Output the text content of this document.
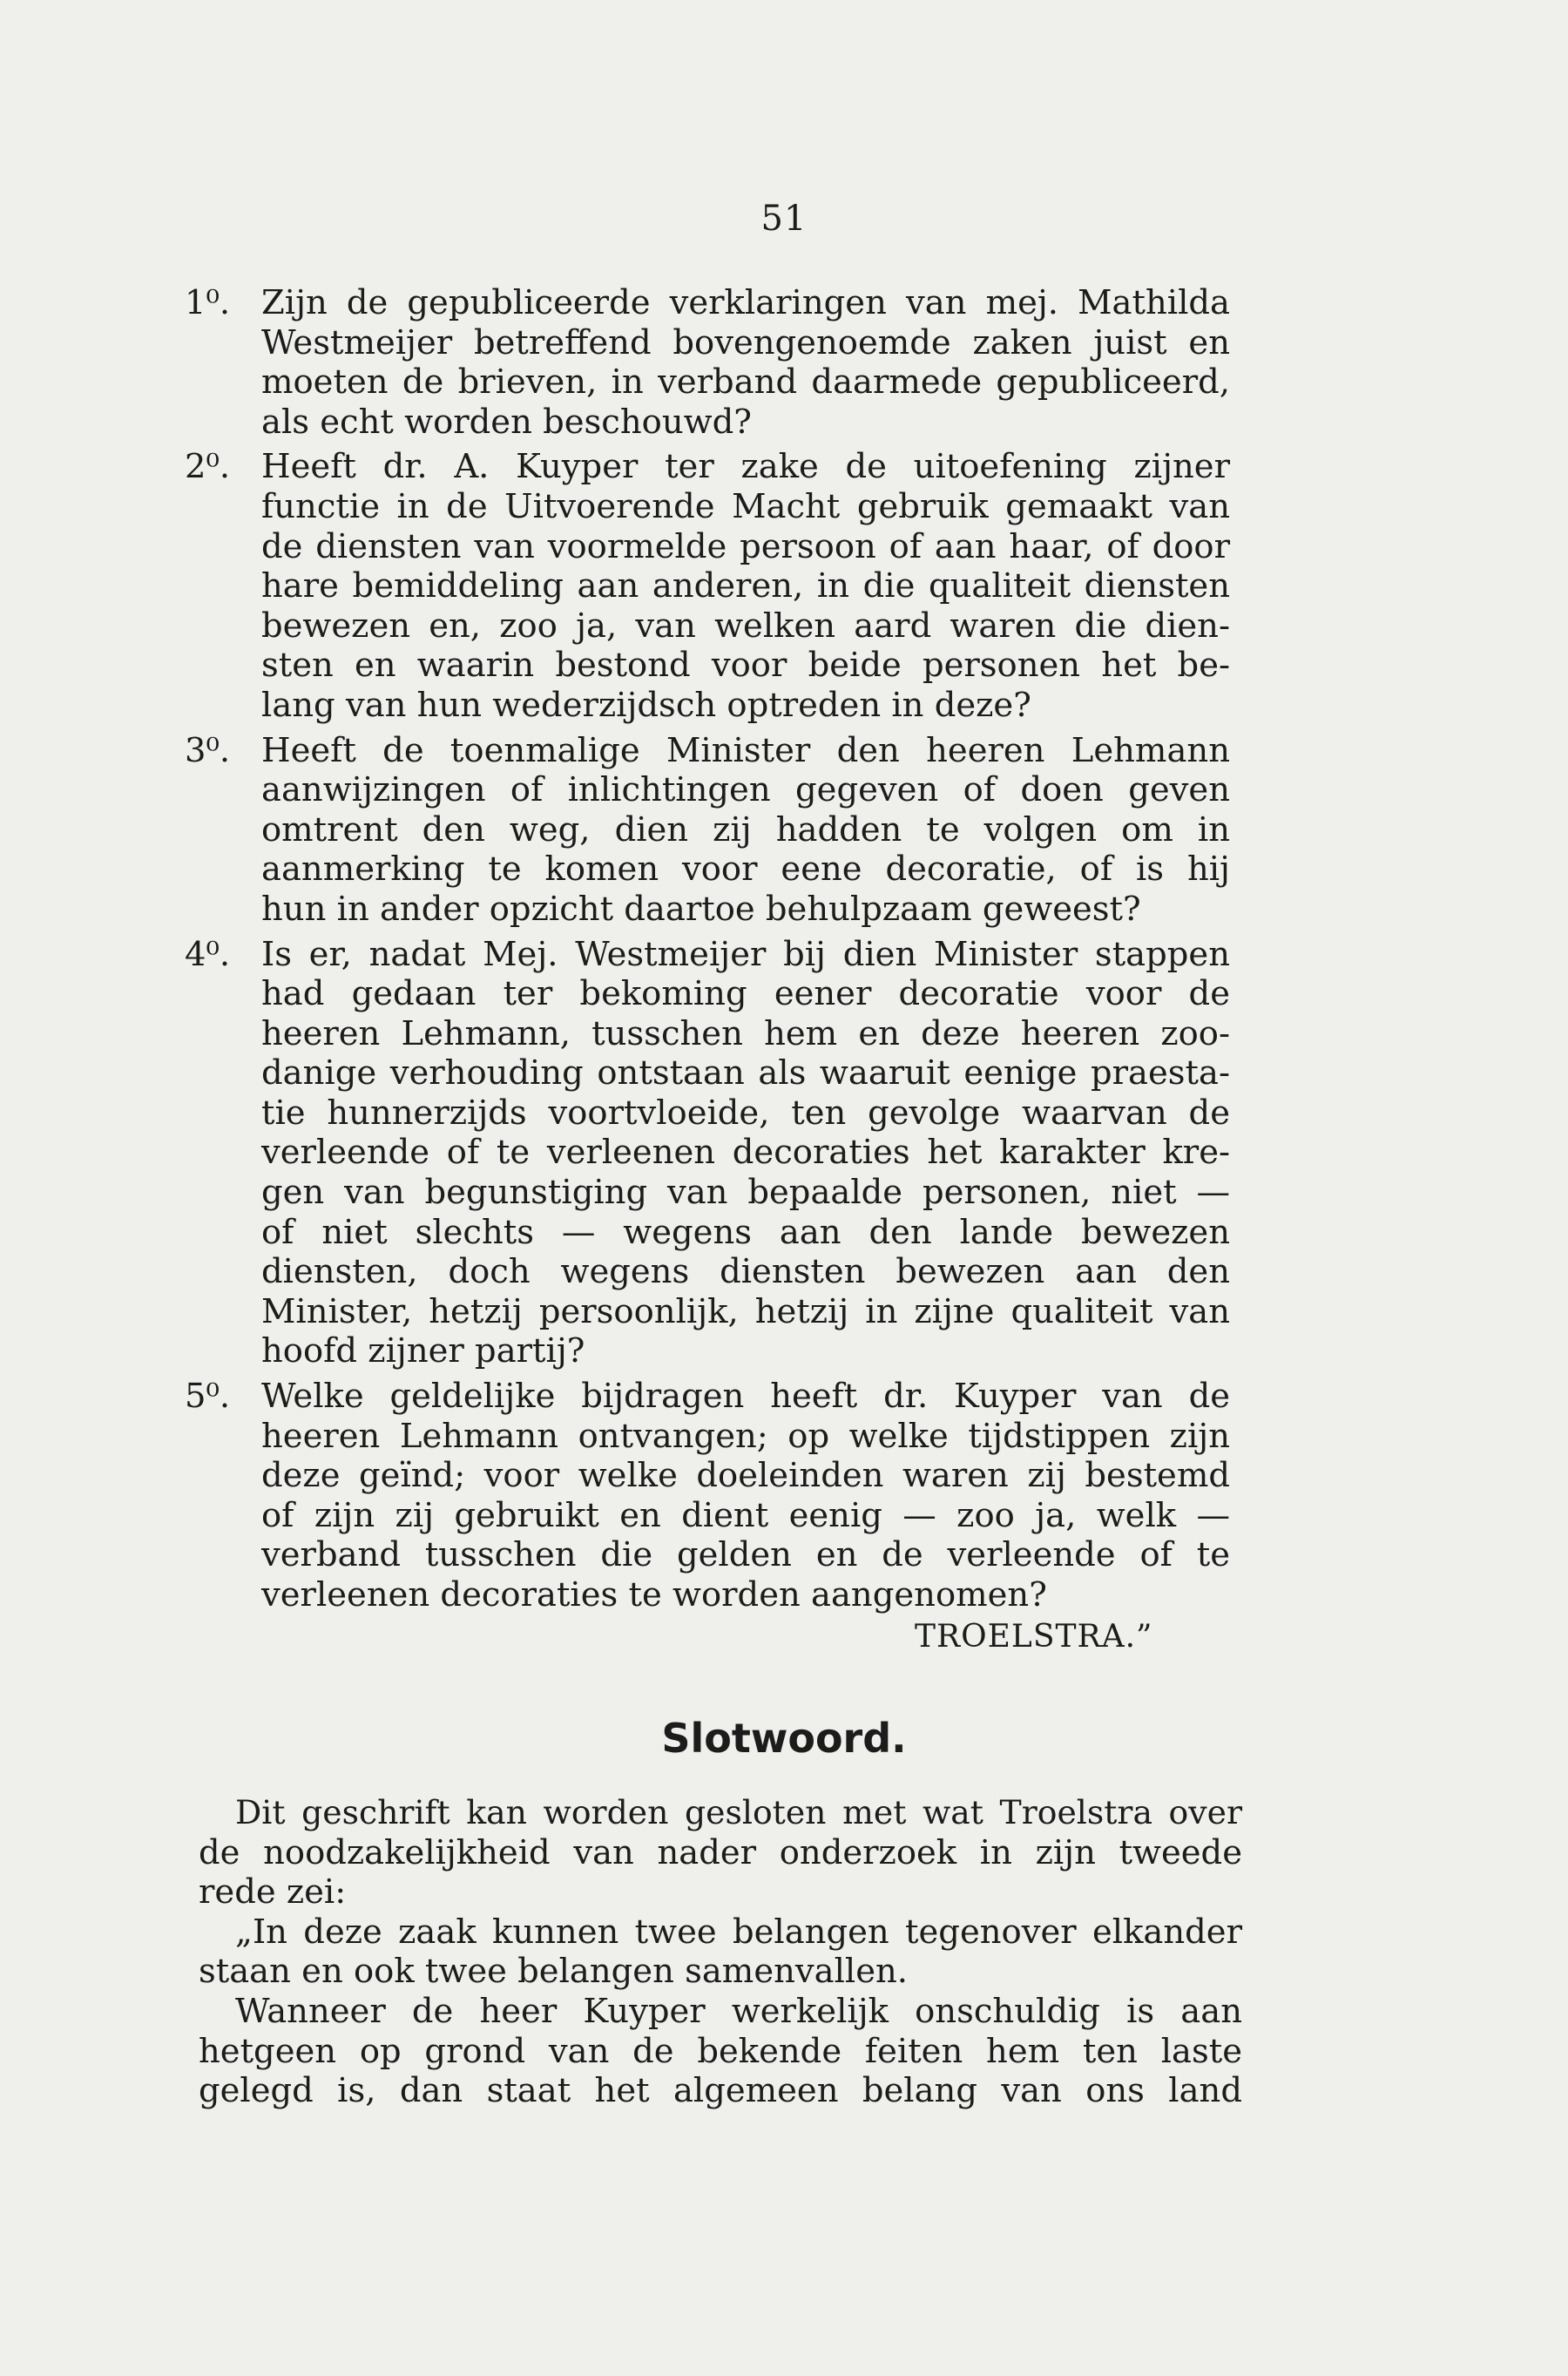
51
1⁰. Zijn de gepubliceerde verklaringen van mej. Mathilda
Westmeijer betreffend bovengenoemde zaken juist en
moeten de brieven, in verband daarmede gepubliceerd,
als echt worden beschouwd?
2⁰. Heeft dr. A. Kuyper ter zake de uitoefening zijner
functie in de Uitvoerende Macht gebruik gemaakt van
de diensten van voormelde persoon of aan haar, of door
hare bemiddeling aan anderen, in die qualiteit diensten
bewezen en, zoo ja, van welken aard waren die dien-
sten en waarin bestond voor beide personen het be-
lang van hun wederzijdsch optreden in deze?
3⁰. Heeft de toenmalige Minister den heeren Lehmann
aanwijzingen of inlichtingen gegeven of doen geven
omtrent den weg, dien zij hadden te volgen om in
aanmerking te komen voor eene decoratie, of is hij
hun in ander opzicht daartoe behulpzaam geweest?
4⁰. Is er, nadat Mej. Westmeijer bij dien Minister stappen
had gedaan ter bekoming eener decoratie voor de
heeren Lehmann, tusschen hem en deze heeren zoo-
danige verhouding ontstaan als waaruit eenige praesta-
tie hunnerzijds voortvloeide, ten gevolge waarvan de
verleende of te verleenen decoraties het karakter kre-
gen van begunstiging van bepaalde personen, niet —
of niet slechts — wegens aan den lande bewezen
diensten, doch wegens diensten bewezen aan den
Minister, hetzij persoonlijk, hetzij in zijne qualiteit van
hoofd zijner partij?
5⁰. Welke geldelijke bijdragen heeft dr. Kuyper van de
heeren Lehmann ontvangen; op welke tijdstippen zijn
deze geïnd; voor welke doeleinden waren zij bestemd
of zijn zij gebruikt en dient eenig — zoo ja, welk —
verband tusschen die gelden en de verleende of te
verleenen decoraties te worden aangenomen?
TROELSTRA.”
Slotwoord.
Dit geschrift kan worden gesloten met wat Troelstra over
de noodzakelijkheid van nader onderzoek in zijn tweede
rede zei:
„In deze zaak kunnen twee belangen tegenover elkander
staan en ook twee belangen samenvallen.
Wanneer de heer Kuyper werkelijk onschuldig is aan
hetgeen op grond van de bekende feiten hem ten laste
gelegd is, dan staat het algemeen belang van ons land
